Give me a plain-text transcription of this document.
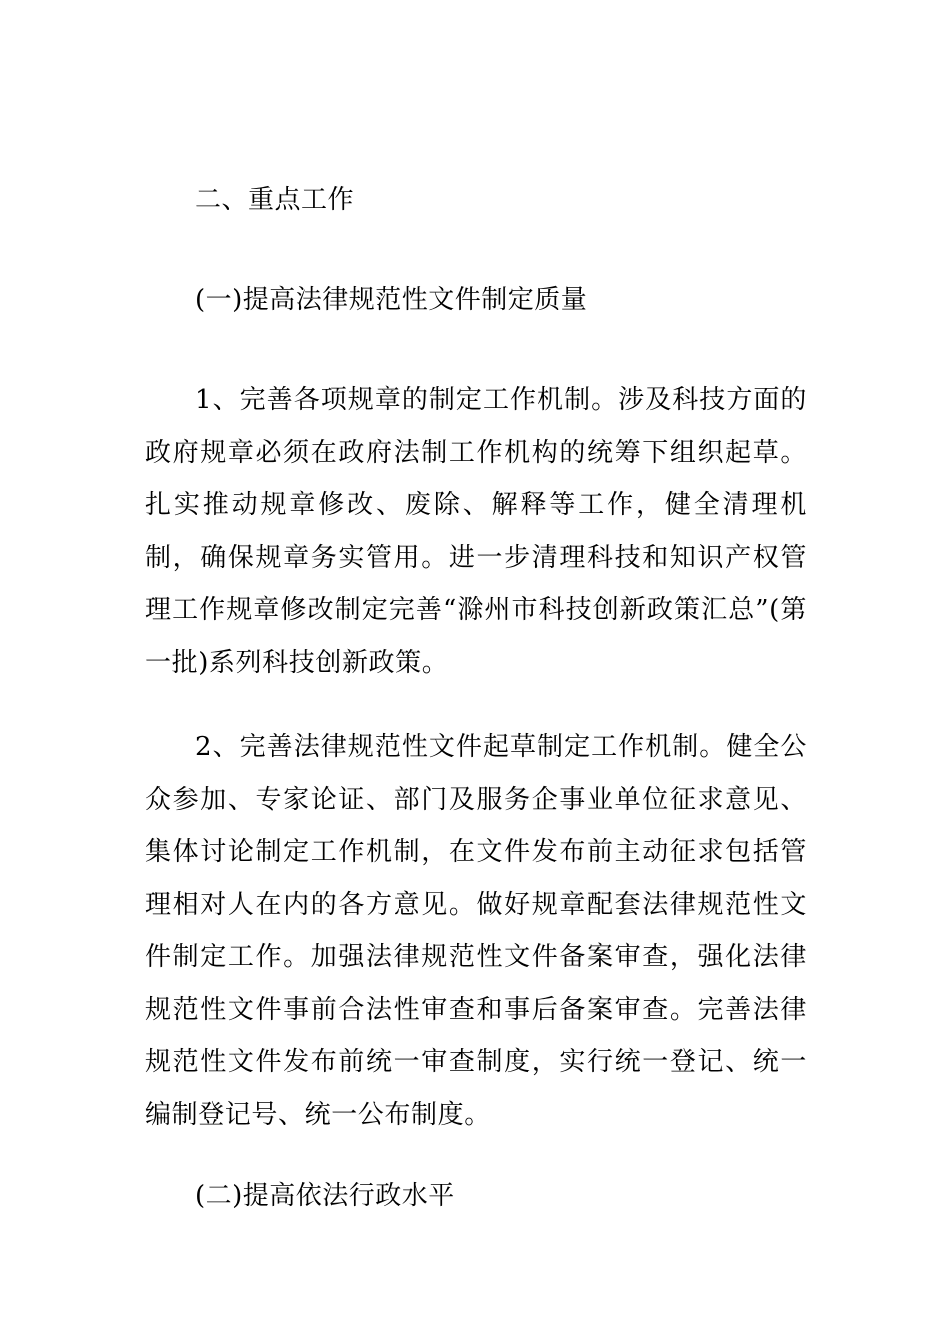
二、重点工作
(一)提高法律规范性文件制定质量
1、完善各项规章的制定工作机制。涉及科技方面的政府规章必须在政府法制工作机构的统筹下组织起草。扎实推动规章修改、废除、解释等工作，健全清理机制，确保规章务实管用。进一步清理科技和知识产权管理工作规章修改制定完善“滁州市科技创新政策汇总”(第一批)系列科技创新政策。
2、完善法律规范性文件起草制定工作机制。健全公众参加、专家论证、部门及服务企事业单位征求意见、集体讨论制定工作机制，在文件发布前主动征求包括管理相对人在内的各方意见。做好规章配套法律规范性文件制定工作。加强法律规范性文件备案审查，强化法律规范性文件事前合法性审查和事后备案审查。完善法律规范性文件发布前统一审查制度，实行统一登记、统一编制登记号、统一公布制度。
(二)提高依法行政水平
